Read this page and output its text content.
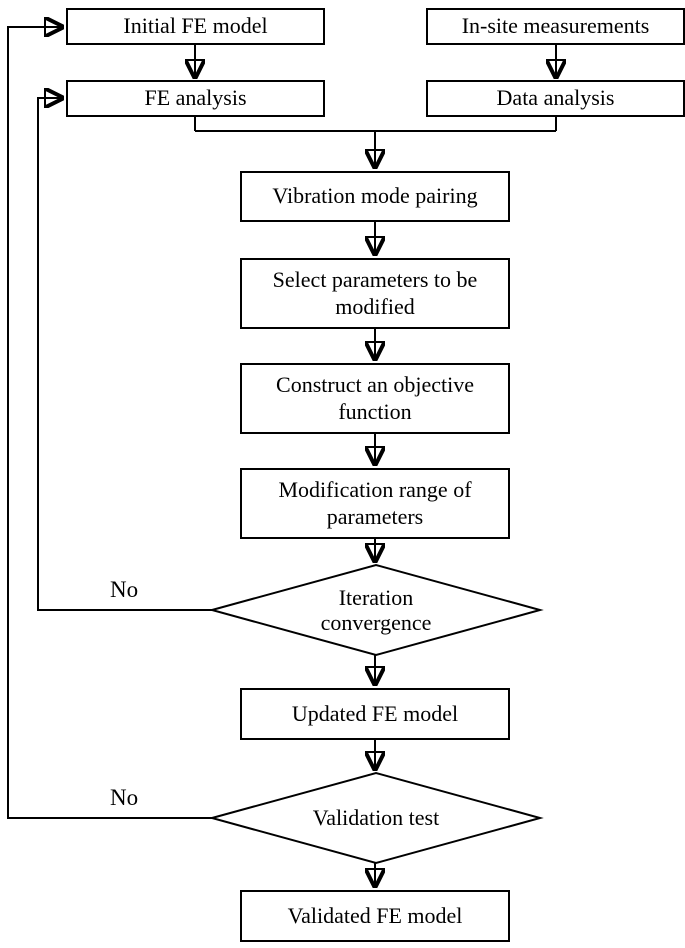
Initial FE model	In-site measurements
FE analysis	Data analysis
Vibration mode pairing
Select parameters to be modified
Construct an objective function
Modification range of parameters
Updated FE model
Validated FE model
Iteration convergence
Validation test
No
No
